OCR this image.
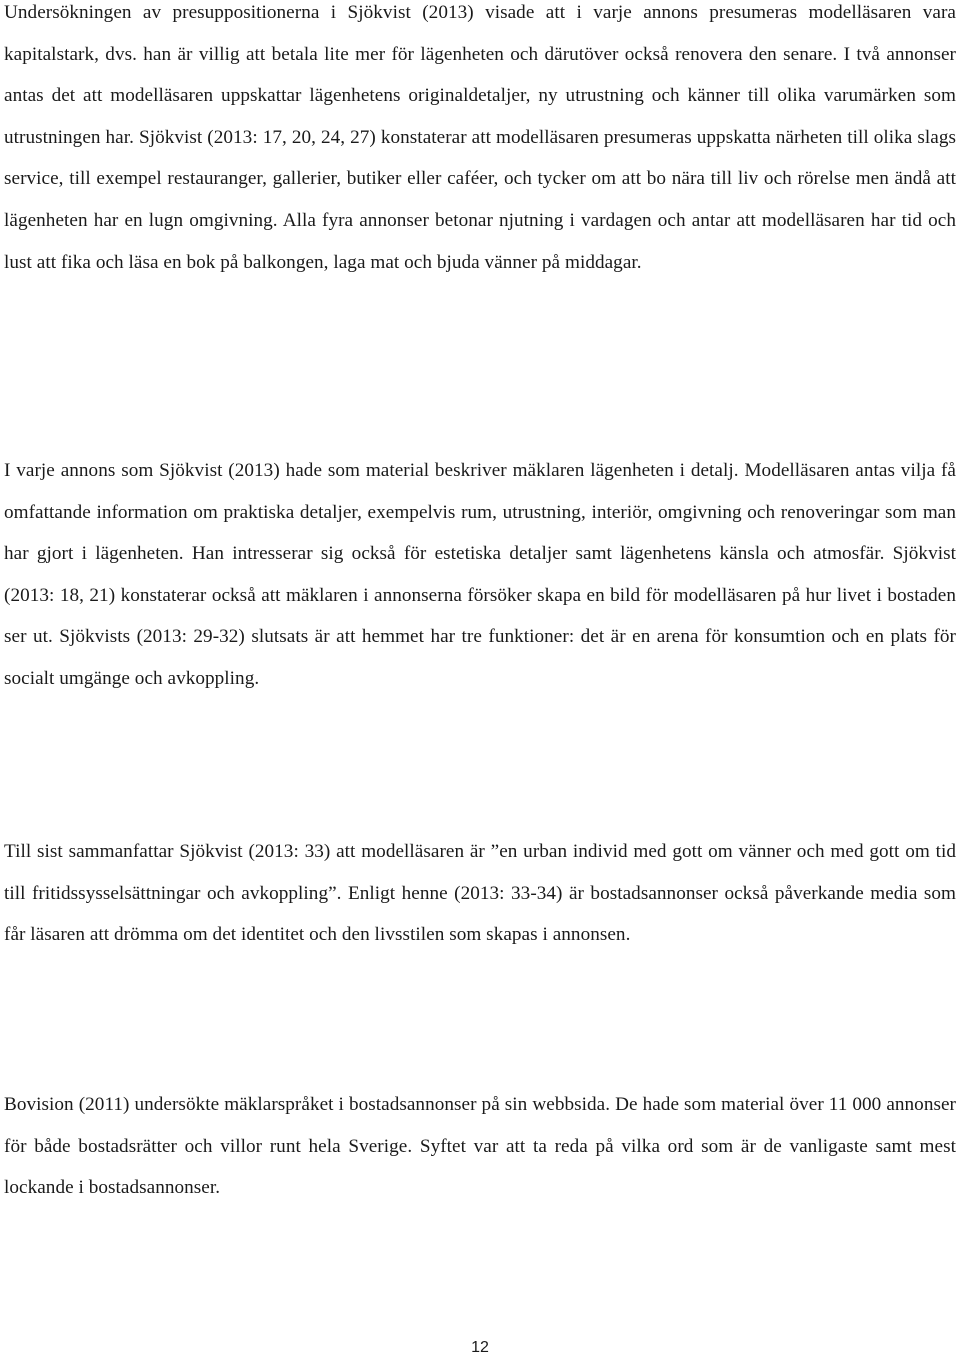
Undersökningen av presuppositionerna i Sjökvist (2013) visade att i varje annons presumeras modelläsaren vara kapitalstark, dvs. han är villig att betala lite mer för lägenheten och därutöver också renovera den senare. I två annonser antas det att modelläsaren uppskattar lägenhetens originaldetaljer, ny utrustning och känner till olika varumärken som utrustningen har. Sjökvist (2013: 17, 20, 24, 27) konstaterar att modelläsaren presumeras uppskatta närheten till olika slags service, till exempel restauranger, gallerier, butiker eller caféer, och tycker om att bo nära till liv och rörelse men ändå att lägenheten har en lugn omgivning. Alla fyra annonser betonar njutning i vardagen och antar att modelläsaren har tid och lust att fika och läsa en bok på balkongen, laga mat och bjuda vänner på middagar.

I varje annons som Sjökvist (2013) hade som material beskriver mäklaren lägenheten i detalj. Modelläsaren antas vilja få omfattande information om praktiska detaljer, exempelvis rum, utrustning, interiör, omgivning och renoveringar som man har gjort i lägenheten. Han intresserar sig också för estetiska detaljer samt lägenhetens känsla och atmosfär. Sjökvist (2013: 18, 21) konstaterar också att mäklaren i annonserna försöker skapa en bild för modelläsaren på hur livet i bostaden ser ut. Sjökvists (2013: 29-32) slutsats är att hemmet har tre funktioner: det är en arena för konsumtion och en plats för socialt umgänge och avkoppling.

Till sist sammanfattar Sjökvist (2013: 33) att modelläsaren är ”en urban individ med gott om vänner och med gott om tid till fritidssysselsättningar och avkoppling”. Enligt henne (2013: 33-34) är bostadsannonser också påverkande media som får läsaren att drömma om det identitet och den livsstilen som skapas i annonsen.

Bovision (2011) undersökte mäklarspråket i bostadsannonser på sin webbsida. De hade som material över 11 000 annonser för både bostadsrätter och villor runt hela Sverige. Syftet var att ta reda på vilka ord som är de vanligaste samt mest lockande i bostadsannonser.

12
